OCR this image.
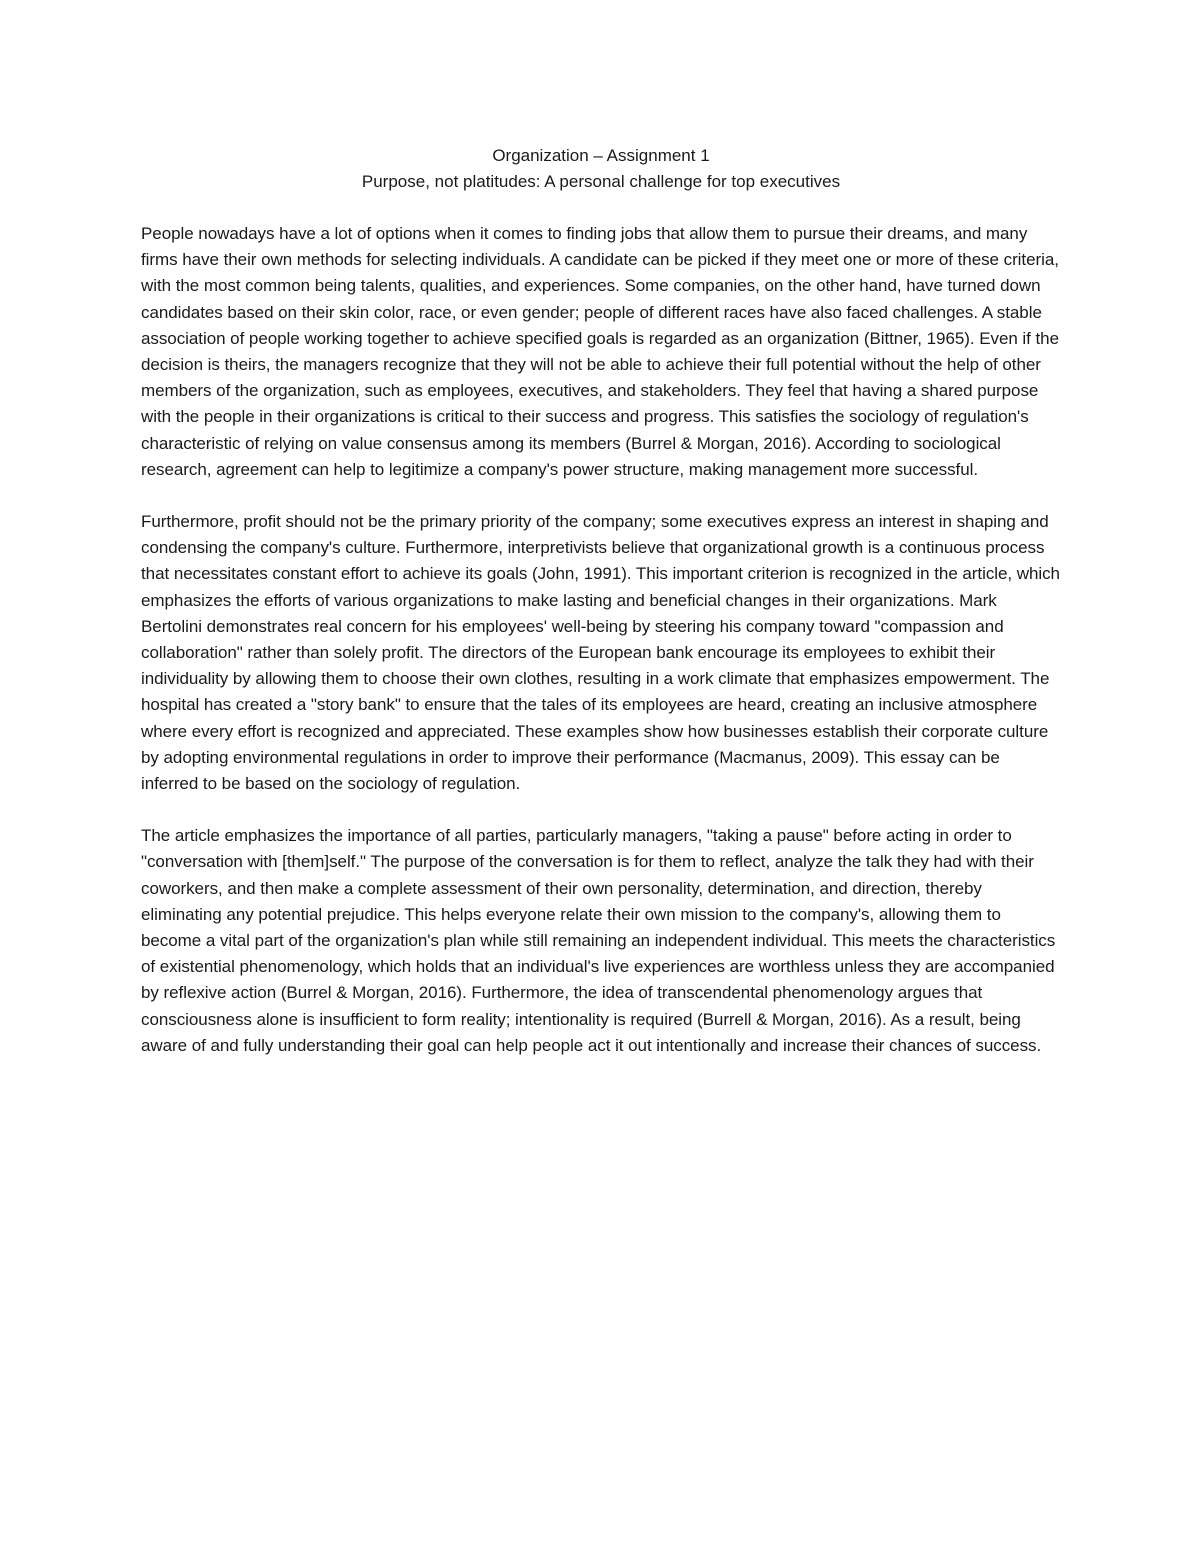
Organization – Assignment 1

Purpose, not platitudes: A personal challenge for top executives

People nowadays have a lot of options when it comes to finding jobs that allow them to pursue their dreams, and many firms have their own methods for selecting individuals. A candidate can be picked if they meet one or more of these criteria, with the most common being talents, qualities, and experiences. Some companies, on the other hand, have turned down candidates based on their skin color, race, or even gender; people of different races have also faced challenges. A stable association of people working together to achieve specified goals is regarded as an organization (Bittner, 1965). Even if the decision is theirs, the managers recognize that they will not be able to achieve their full potential without the help of other members of the organization, such as employees, executives, and stakeholders. They feel that having a shared purpose with the people in their organizations is critical to their success and progress. This satisfies the sociology of regulation's characteristic of relying on value consensus among its members (Burrel & Morgan, 2016). According to sociological research, agreement can help to legitimize a company's power structure, making management more successful.

Furthermore, profit should not be the primary priority of the company; some executives express an interest in shaping and condensing the company's culture. Furthermore, interpretivists believe that organizational growth is a continuous process that necessitates constant effort to achieve its goals (John, 1991). This important criterion is recognized in the article, which emphasizes the efforts of various organizations to make lasting and beneficial changes in their organizations. Mark Bertolini demonstrates real concern for his employees' well-being by steering his company toward "compassion and collaboration" rather than solely profit. The directors of the European bank encourage its employees to exhibit their individuality by allowing them to choose their own clothes, resulting in a work climate that emphasizes empowerment. The hospital has created a "story bank" to ensure that the tales of its employees are heard, creating an inclusive atmosphere where every effort is recognized and appreciated. These examples show how businesses establish their corporate culture by adopting environmental regulations in order to improve their performance (Macmanus, 2009). This essay can be inferred to be based on the sociology of regulation.

The article emphasizes the importance of all parties, particularly managers, "taking a pause" before acting in order to "conversation with [them]self." The purpose of the conversation is for them to reflect, analyze the talk they had with their coworkers, and then make a complete assessment of their own personality, determination, and direction, thereby eliminating any potential prejudice. This helps everyone relate their own mission to the company's, allowing them to become a vital part of the organization's plan while still remaining an independent individual. This meets the characteristics of existential phenomenology, which holds that an individual's live experiences are worthless unless they are accompanied by reflexive action (Burrel & Morgan, 2016). Furthermore, the idea of transcendental phenomenology argues that consciousness alone is insufficient to form reality; intentionality is required (Burrell & Morgan, 2016). As a result, being aware of and fully understanding their goal can help people act it out intentionally and increase their chances of success.
